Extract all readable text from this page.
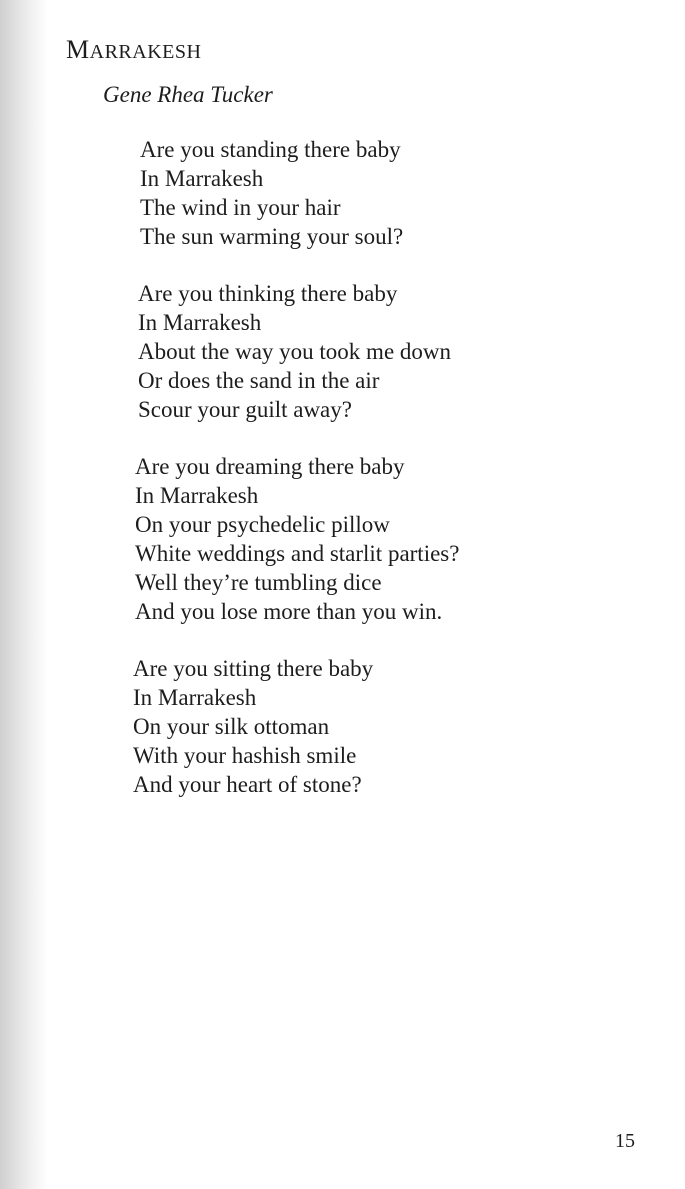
MARRAKESH
Gene Rhea Tucker
Are you standing there baby
In Marrakesh
The wind in your hair
The sun warming your soul?
Are you thinking there baby
In Marrakesh
About the way you took me down
Or does the sand in the air
Scour your guilt away?
Are you dreaming there baby
In Marrakesh
On your psychedelic pillow
White weddings and starlit parties?
Well they’re tumbling dice
And you lose more than you win.
Are you sitting there baby
In Marrakesh
On your silk ottoman
With your hashish smile
And your heart of stone?
15
